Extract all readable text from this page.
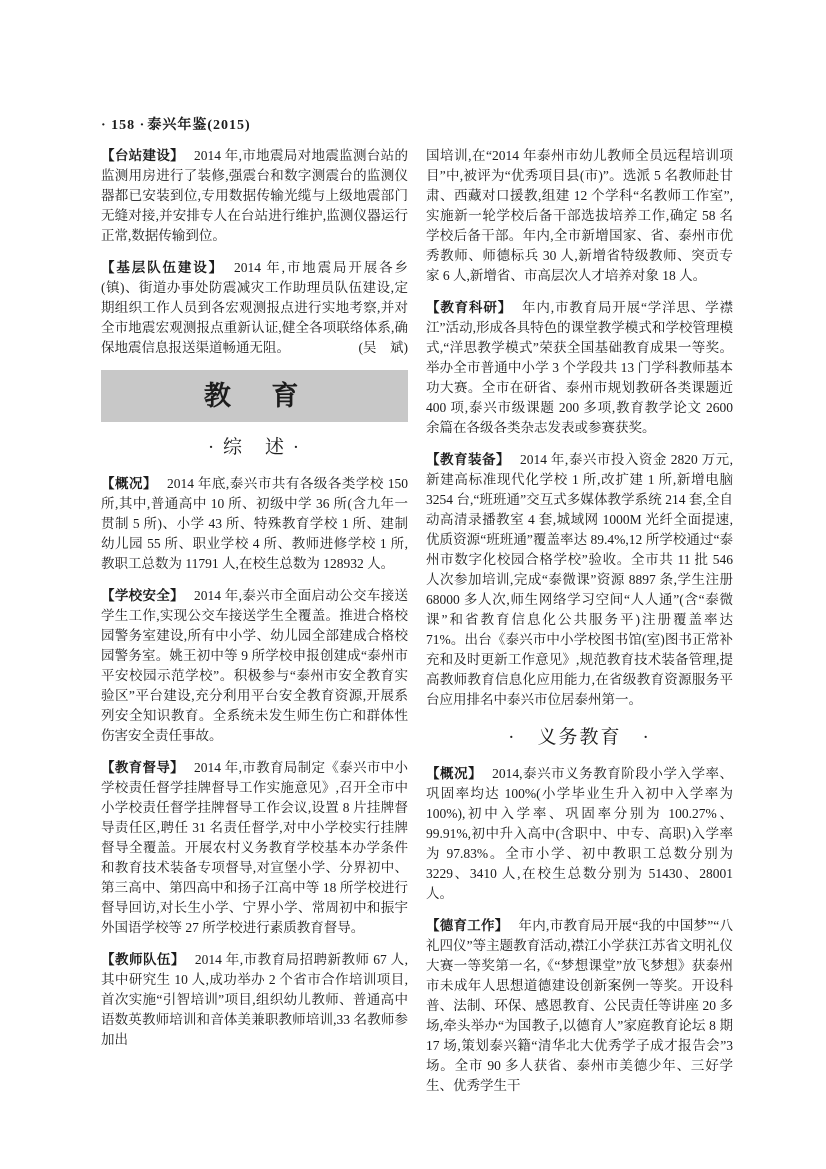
· 158 · 泰兴年鉴(2015)

【台站建设】 2014 年,市地震局对地震监测台站的监测用房进行了装修,强震台和数字测震台的监测仪器都已安装到位,专用数据传输光缆与上级地震部门无缝对接,并安排专人在台站进行维护,监测仪器运行正常,数据传输到位。

【基层队伍建设】 2014 年,市地震局开展各乡(镇)、街道办事处防震减灾工作助理员队伍建设,定期组织工作人员到各宏观测报点进行实地考察,并对全市地震宏观测报点重新认证,健全各项联络体系,确保地震信息报送渠道畅通无阻。	(吴　斌)

教　育
· 综　述 ·

【概况】 2014 年底,泰兴市共有各级各类学校 150 所,其中,普通高中 10 所、初级中学 36 所(含九年一贯制 5 所)、小学 43 所、特殊教育学校 1 所、建制幼儿园 55 所、职业学校 4 所、教师进修学校 1 所,教职工总数为 11791 人,在校生总数为 128932 人。

【学校安全】 2014 年,泰兴市全面启动公交车接送学生工作,实现公交车接送学生全覆盖。推进合格校园警务室建设,所有中小学、幼儿园全部建成合格校园警务室。姚王初中等 9 所学校申报创建成“泰州市平安校园示范学校”。积极参与“泰州市安全教育实验区”平台建设,充分利用平台安全教育资源,开展系列安全知识教育。全系统未发生师生伤亡和群体性伤害安全责任事故。

【教育督导】 2014 年,市教育局制定《泰兴市中小学校责任督学挂牌督导工作实施意见》,召开全市中小学校责任督学挂牌督导工作会议,设置 8 片挂牌督导责任区,聘任 31 名责任督学,对中小学校实行挂牌督导全覆盖。开展农村义务教育学校基本办学条件和教育技术装备专项督导,对宣堡小学、分界初中、第三高中、第四高中和扬子江高中等 18 所学校进行督导回访,对长生小学、宁界小学、常周初中和振宇外国语学校等 27 所学校进行素质教育督导。

【教师队伍】 2014 年,市教育局招聘新教师 67 人,其中研究生 10 人,成功举办 2 个省市合作培训项目,首次实施“引智培训”项目,组织幼儿教师、普通高中语数英教师培训和音体美兼职教师培训,33 名教师参加出

国培训,在“2014 年泰州市幼儿教师全员远程培训项目”中,被评为“优秀项目县(市)”。选派 5 名教师赴甘肃、西藏对口援教,组建 12 个学科“名教师工作室”,实施新一轮学校后备干部选拔培养工作,确定 58 名学校后备干部。年内,全市新增国家、省、泰州市优秀教师、师德标兵 30 人,新增省特级教师、突贡专家 6 人,新增省、市高层次人才培养对象 18 人。

【教育科研】 年内,市教育局开展“学洋思、学襟江”活动,形成各具特色的课堂教学模式和学校管理模式,“洋思教学模式”荣获全国基础教育成果一等奖。举办全市普通中小学 3 个学段共 13 门学科教师基本功大赛。全市在研省、泰州市规划教研各类课题近 400 项,泰兴市级课题 200 多项,教育教学论文 2600 余篇在各级各类杂志发表或参赛获奖。

【教育装备】 2014 年,泰兴市投入资金 2820 万元,新建高标准现代化学校 1 所,改扩建 1 所,新增电脑 3254 台,“班班通”交互式多媒体教学系统 214 套,全自动高清录播教室 4 套,城域网 1000M 光纤全面提速,优质资源“班班通”覆盖率达 89.4%,12 所学校通过“泰州市数字化校园合格学校”验收。全市共 11 批 546 人次参加培训,完成“泰微课”资源 8897 条,学生注册 68000 多人次,师生网络学习空间“人人通”(含“泰微课”和省教育信息化公共服务平)注册覆盖率达 71%。出台《泰兴市中小学校图书馆(室)图书正常补充和及时更新工作意见》,规范教育技术装备管理,提高教师教育信息化应用能力,在省级教育资源服务平台应用排名中泰兴市位居泰州第一。

·　义务教育　·

【概况】 2014,泰兴市义务教育阶段小学入学率、巩固率均达 100%(小学毕业生升入初中入学率为100%),初中入学率、巩固率分别为 100.27%、99.91%,初中升入高中(含职中、中专、高职)入学率为 97.83%。全市小学、初中教职工总数分别为 3229、3410 人,在校生总数分别为 51430、28001 人。

【德育工作】 年内,市教育局开展“我的中国梦”“八礼四仪”等主题教育活动,襟江小学获江苏省文明礼仪大赛一等奖第一名,《“梦想课堂”放飞梦想》获泰州市未成年人思想道德建设创新案例一等奖。开设科普、法制、环保、感恩教育、公民责任等讲座 20 多场,牵头举办“为国教子,以德育人”家庭教育论坛 8 期 17 场,策划泰兴籍“清华北大优秀学子成才报告会”3 场。全市 90 多人获省、泰州市美德少年、三好学生、优秀学生干
